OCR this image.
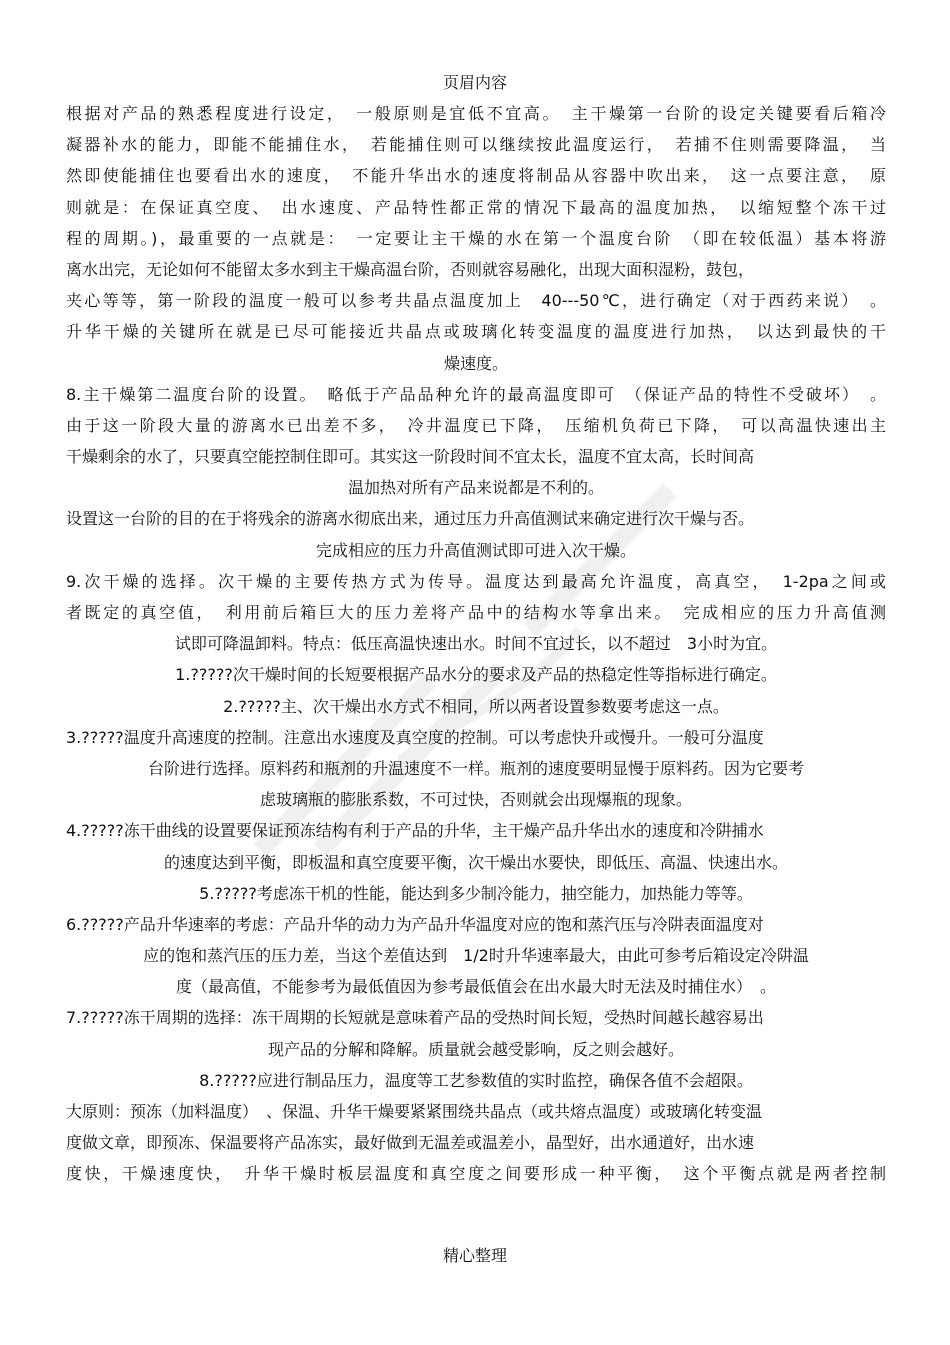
页眉内容
根据对产品的熟悉程度进行设定，　一般原则是宜低不宜高。　主干燥第一台阶的设定关键要看后箱冷
凝器补水的能力，即能不能捕住水，　若能捕住则可以继续按此温度运行，　若捕不住则需要降温，　当
然即使能捕住也要看出水的速度，　不能升华出水的速度将制品从容器中吹出来，　这一点要注意，　原
则就是：在保证真空度、　出水速度、产品特性都正常的情况下最高的温度加热，　以缩短整个冻干过
程的周期。)，最重要的一点就是：　一定要让主干燥的水在第一个温度台阶　（即在较低温）基本将游
离水出完，无论如何不能留太多水到主干燥高温台阶，否则就容易融化，出现大面积湿粉，鼓包，
夹心等等，第一阶段的温度一般可以参考共晶点温度加上　40---50℃，进行确定（对于西药来说）　。
升华干燥的关键所在就是已尽可能接近共晶点或玻璃化转变温度的温度进行加热，　以达到最快的干
燥速度。
8.主干燥第二温度台阶的设置。　略低于产品品种允许的最高温度即可　（保证产品的特性不受破坏）　。
由于这一阶段大量的游离水已出差不多，　冷井温度已下降，　压缩机负荷已下降，　可以高温快速出主
干燥剩余的水了，只要真空能控制住即可。其实这一阶段时间不宜太长，温度不宜太高，长时间高
温加热对所有产品来说都是不利的。
设置这一台阶的目的在于将残余的游离水彻底出来，通过压力升高值测试来确定进行次干燥与否。
完成相应的压力升高值测试即可进入次干燥。
9.次干燥的选择。次干燥的主要传热方式为传导。温度达到最高允许温度，高真空，　1-2pa之间或
者既定的真空值，　利用前后箱巨大的压力差将产品中的结构水等拿出来。　完成相应的压力升高值测
试即可降温卸料。特点：低压高温快速出水。时间不宜过长，以不超过　3小时为宜。
1.?????次干燥时间的长短要根据产品水分的要求及产品的热稳定性等指标进行确定。
2.?????主、次干燥出水方式不相同，所以两者设置参数要考虑这一点。
3.?????温度升高速度的控制。注意出水速度及真空度的控制。可以考虑快升或慢升。一般可分温度
台阶进行选择。原料药和瓶剂的升温速度不一样。瓶剂的速度要明显慢于原料药。因为它要考
虑玻璃瓶的膨胀系数，不可过快，否则就会出现爆瓶的现象。
4.?????冻干曲线的设置要保证预冻结构有利于产品的升华，主干燥产品升华出水的速度和冷阱捕水
的速度达到平衡，即板温和真空度要平衡，次干燥出水要快，即低压、高温、快速出水。
5.?????考虑冻干机的性能，能达到多少制冷能力，抽空能力，加热能力等等。
6.?????产品升华速率的考虑：产品升华的动力为产品升华温度对应的饱和蒸汽压与冷阱表面温度对
应的饱和蒸汽压的压力差，当这个差值达到　1/2时升华速率最大，由此可参考后箱设定冷阱温
度（最高值，不能参考为最低值因为参考最低值会在出水最大时无法及时捕住水）　。
7.?????冻干周期的选择：冻干周期的长短就是意味着产品的受热时间长短，受热时间越长越容易出
现产品的分解和降解。质量就会越受影响，反之则会越好。
8.?????应进行制品压力，温度等工艺参数值的实时监控，确保各值不会超限。
大原则：预冻（加料温度）　、保温、升华干燥要紧紧围绕共晶点（或共熔点温度）或玻璃化转变温
度做文章，即预冻、保温要将产品冻实，最好做到无温差或温差小，晶型好，出水通道好，出水速
度快，干燥速度快，　升华干燥时板层温度和真空度之间要形成一种平衡，　这个平衡点就是两者控制
精心整理
